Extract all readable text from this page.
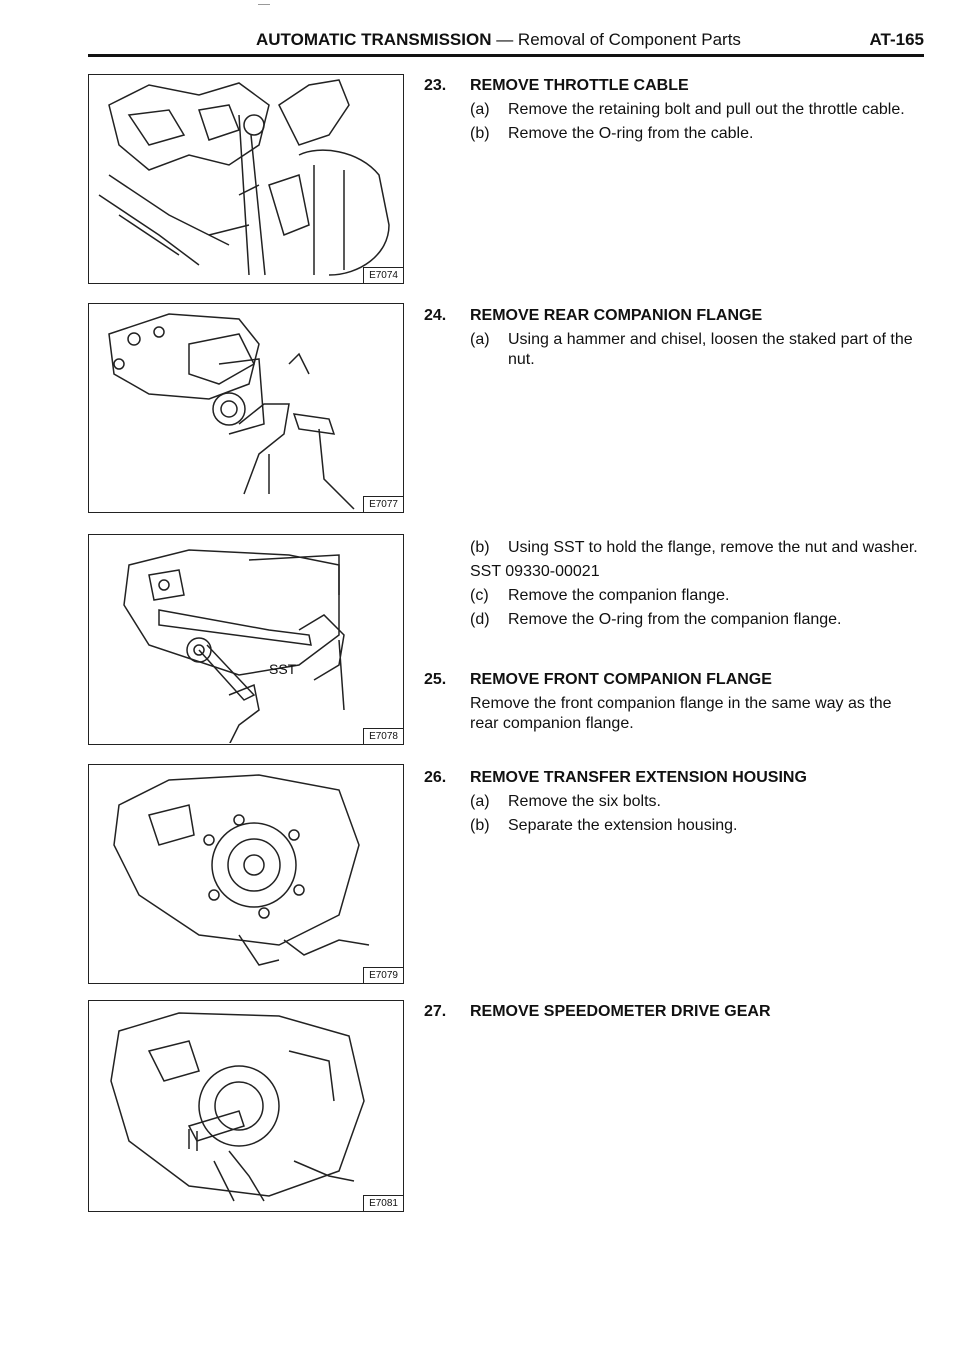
AUTOMATIC TRANSMISSION — Removal of Component Parts	AT-165
E7074
E7077
SST
E7078
E7079
E7081
23.	REMOVE THROTTLE CABLE
(a)	Remove the retaining bolt and pull out the throttle cable.
(b)	Remove the O-ring from the cable.
24.	REMOVE REAR COMPANION FLANGE
(a)	Using a hammer and chisel, loosen the staked part of the nut.
(b)	Using SST to hold the flange, remove the nut and washer.
SST 09330-00021
(c)	Remove the companion flange.
(d)	Remove the O-ring from the companion flange.
25.	REMOVE FRONT COMPANION FLANGE
Remove the front companion flange in the same way as the rear companion flange.
26.	REMOVE TRANSFER EXTENSION HOUSING
(a)	Remove the six bolts.
(b)	Separate the extension housing.
27.	REMOVE SPEEDOMETER DRIVE GEAR
